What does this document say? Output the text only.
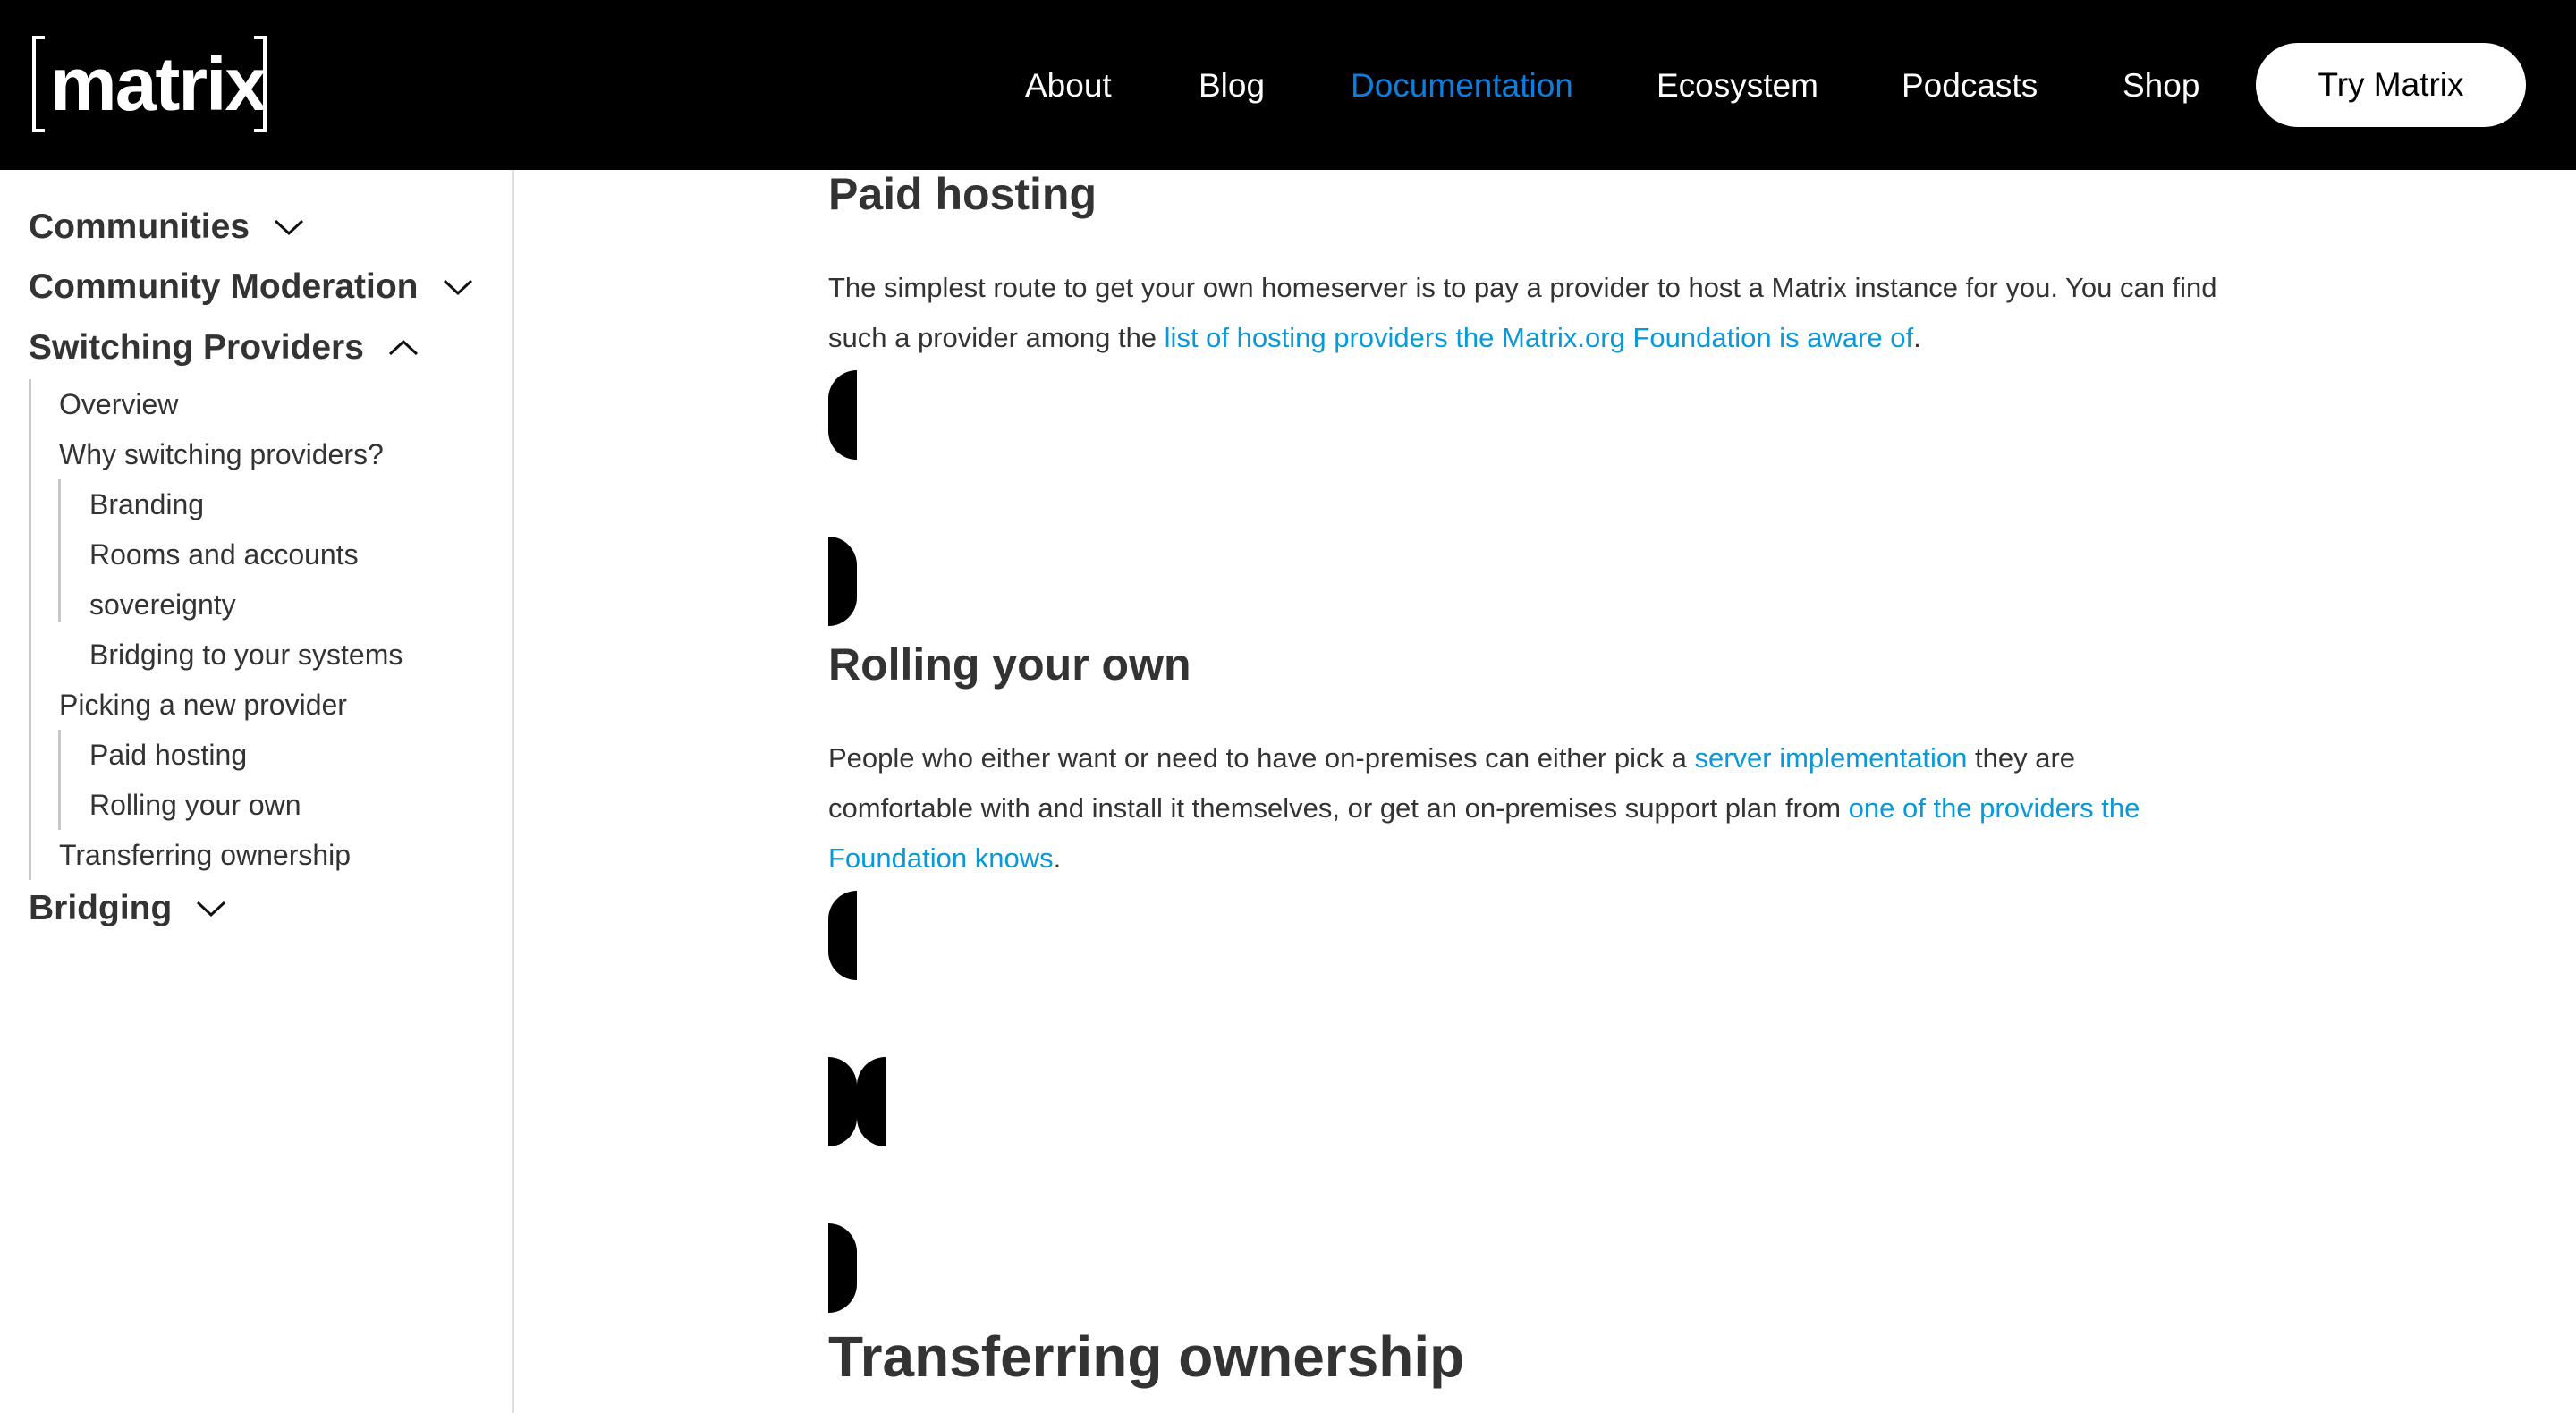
matrix	About	Blog	Documentation	Ecosystem	Podcasts	Shop	Try Matrix
Communities
Community Moderation
Switching Providers
Overview
Why switching providers?
Branding
Rooms and accounts
sovereignty
Bridging to your systems
Picking a new provider
Paid hosting
Rolling your own
Transferring ownership
Bridging
Paid hosting

The simplest route to get your own homeserver is to pay a provider to host a Matrix instance for you. You can find such a provider among the list of hosting providers the Matrix.org Foundation is aware of.

Rolling your own

People who either want or need to have on-premises can either pick a server implementation they are comfortable with and install it themselves, or get an on-premises support plan from one of the providers the Foundation knows.

Transferring ownership
